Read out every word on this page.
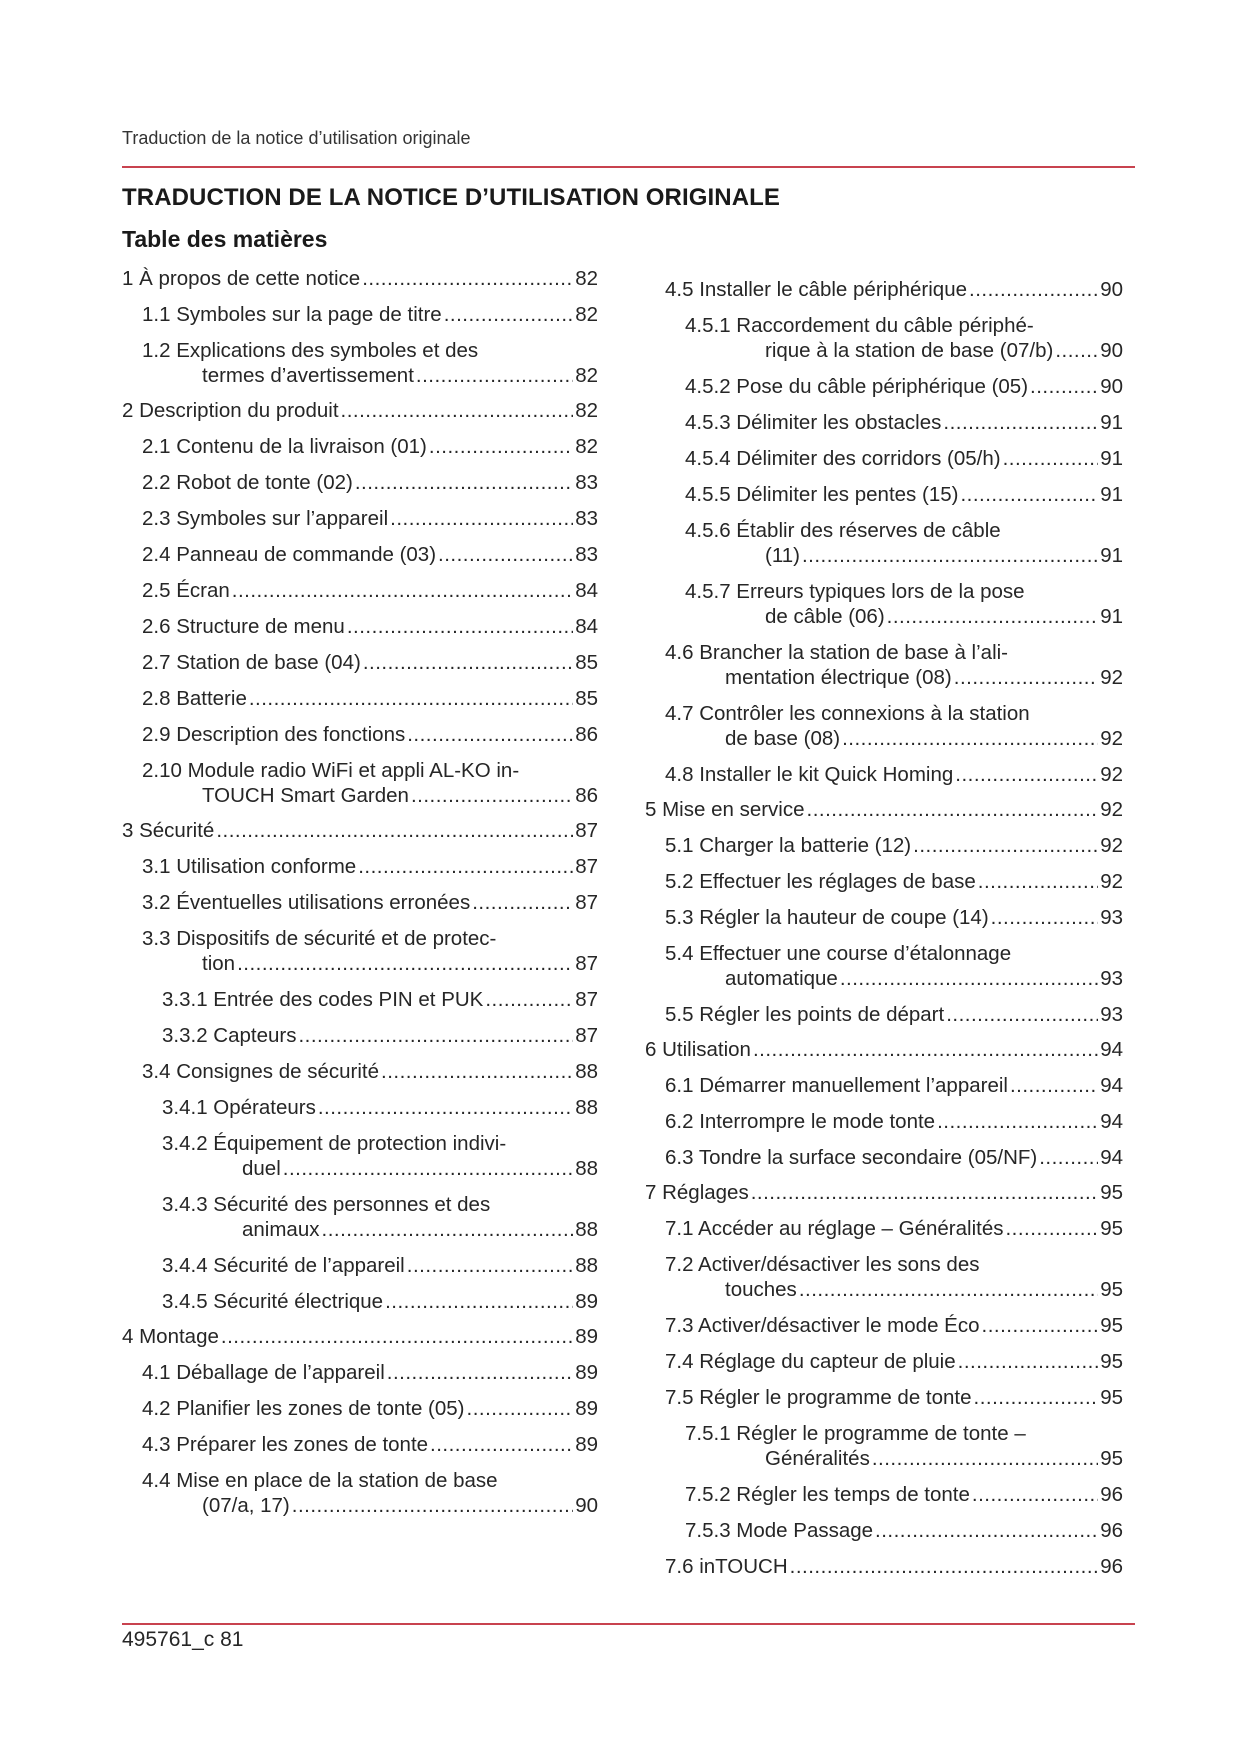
Traduction de la notice d’utilisation originale
TRADUCTION DE LA NOTICE D’UTILISATION ORIGINALE
Table des matières
1 À propos de cette notice . . .	82
1.1 Symboles sur la page de titre . . .	82
1.2 Explications des symboles et des
termes d’avertissement . . .	82
2 Description du produit . . .	82
2.1 Contenu de la livraison (01) . . .	82
2.2 Robot de tonte (02) . . .	83
2.3 Symboles sur l’appareil . . .	83
2.4 Panneau de commande (03) . . .	83
2.5 Écran . . .	84
2.6 Structure de menu . . .	84
2.7 Station de base (04) . . .	85
2.8 Batterie . . .	85
2.9 Description des fonctions . . .	86
2.10 Module radio WiFi et appli AL-KO in-
TOUCH Smart Garden . . .	86
3 Sécurité . . .	87
3.1 Utilisation conforme . . .	87
3.2 Éventuelles utilisations erronées . . .	87
3.3 Dispositifs de sécurité et de protec-
tion . . .	87
3.3.1 Entrée des codes PIN et PUK . . .	87
3.3.2 Capteurs . . .	87
3.4 Consignes de sécurité . . .	88
3.4.1 Opérateurs . . .	88
3.4.2 Équipement de protection indivi-
duel . . .	88
3.4.3 Sécurité des personnes et des
animaux . . .	88
3.4.4 Sécurité de l’appareil . . .	88
3.4.5 Sécurité électrique . . .	89
4 Montage . . .	89
4.1 Déballage de l’appareil . . .	89
4.2 Planifier les zones de tonte (05) . . .	89
4.3 Préparer les zones de tonte . . .	89
4.4 Mise en place de la station de base
(07/a, 17) . . .	90
4.5 Installer le câble périphérique . . .	90
4.5.1 Raccordement du câble périphé-
rique à la station de base (07/b) . . . 90
4.5.2 Pose du câble périphérique (05) . . .	90
4.5.3 Délimiter les obstacles . . .	91
4.5.4 Délimiter des corridors (05/h) . . .	91
4.5.5 Délimiter les pentes (15) . . .	91
4.5.6 Établir des réserves de câble
(11) . . .	91
4.5.7 Erreurs typiques lors de la pose
de câble (06) . . .	91
4.6 Brancher la station de base à l’ali-
mentation électrique (08) . . .	92
4.7 Contrôler les connexions à la station
de base (08) . . .	92
4.8 Installer le kit Quick Homing . . .	92
5 Mise en service . . .	92
5.1 Charger la batterie (12) . . .	92
5.2 Effectuer les réglages de base . . .	92
5.3 Régler la hauteur de coupe (14) . . .	93
5.4 Effectuer une course d’étalonnage
automatique . . .	93
5.5 Régler les points de départ . . .	93
6 Utilisation . . .	94
6.1 Démarrer manuellement l’appareil . . .	94
6.2 Interrompre le mode tonte . . .	94
6.3 Tondre la surface secondaire (05/NF) . . .	94
7 Réglages . . .	95
7.1 Accéder au réglage – Généralités . . .	95
7.2 Activer/désactiver les sons des
touches . . .	95
7.3 Activer/désactiver le mode Éco . . .	95
7.4 Réglage du capteur de pluie . . .	95
7.5 Régler le programme de tonte . . .	95
7.5.1 Régler le programme de tonte –
Généralités . . .	95
7.5.2 Régler les temps de tonte . . .	96
7.5.3 Mode Passage . . .	96
7.6 inTOUCH . . .	96
495761_c 81
